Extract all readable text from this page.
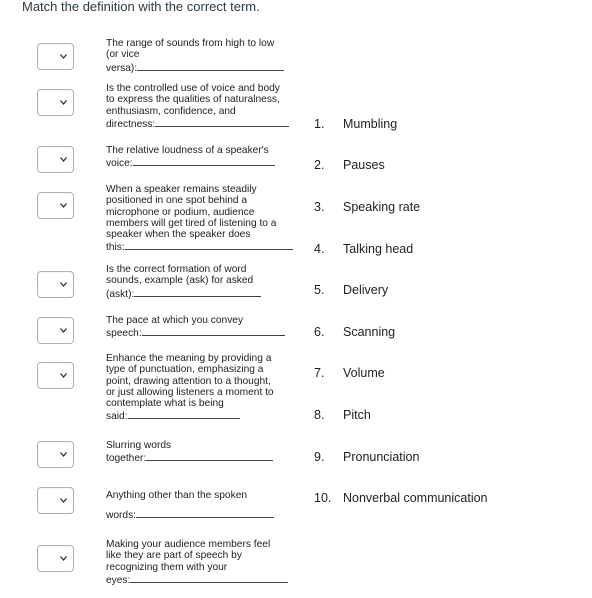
Match the definition with the correct term.
The range of sounds from high to low
(or vice
versa):
Is the controlled use of voice and body
to express the qualities of naturalness,
enthusiasm, confidence, and
directness:
The relative loudness of a speaker's
voice:
When a speaker remains steadily
positioned in one spot behind a
microphone or podium, audience
members will get tired of listening to a
speaker when the speaker does
this:
Is the correct formation of word
sounds, example (ask) for asked
(askt):
The pace at which you convey
speech:
Enhance the meaning by providing a
type of punctuation, emphasizing a
point, drawing attention to a thought,
or just allowing listeners a moment to
contemplate what is being
said:
Slurring words
together:
Anything other than the spoken
words:
Making your audience members feel
like they are part of speech by
recognizing them with your
eyes:
1. Mumbling
2. Pauses
3. Speaking rate
4. Talking head
5. Delivery
6. Scanning
7. Volume
8. Pitch
9. Pronunciation
10. Nonverbal communication
